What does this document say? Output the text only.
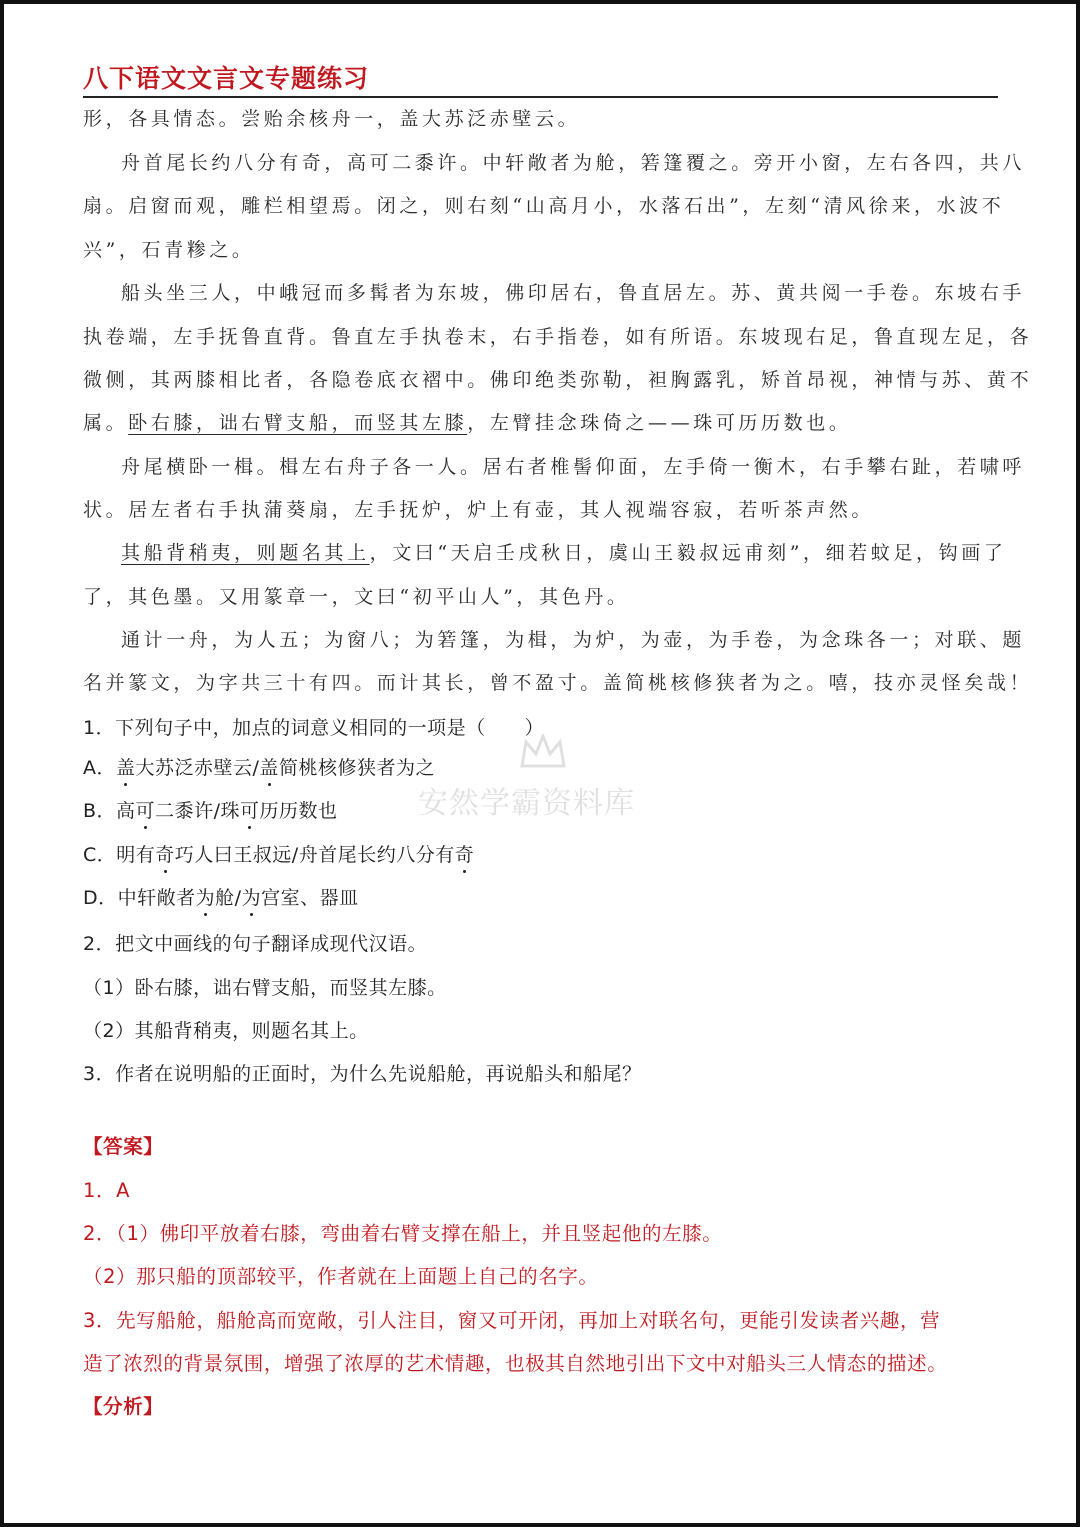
八下语文文言文专题练习
形，各具情态。尝贻余核舟一，盖大苏泛赤壁云。
舟首尾长约八分有奇，高可二黍许。中轩敞者为舱，箬篷覆之。旁开小窗，左右各四，共八
扇。启窗而观，雕栏相望焉。闭之，则右刻“山高月小，水落石出”，左刻“清风徐来，水波不
兴”，石青糁之。
船头坐三人，中峨冠而多髯者为东坡，佛印居右，鲁直居左。苏、黄共阅一手卷。东坡右手
执卷端，左手抚鲁直背。鲁直左手执卷末，右手指卷，如有所语。东坡现右足，鲁直现左足，各
微侧，其两膝相比者，各隐卷底衣褶中。佛印绝类弥勒，袒胸露乳，矫首昂视，神情与苏、黄不
属。卧右膝，诎右臂支船，而竖其左膝，左臂挂念珠倚之——珠可历历数也。
舟尾横卧一楫。楫左右舟子各一人。居右者椎髻仰面，左手倚一衡木，右手攀右趾，若啸呼
状。居左者右手执蒲葵扇，左手抚炉，炉上有壶，其人视端容寂，若听茶声然。
其船背稍夷，则题名其上，文曰“天启壬戌秋日，虞山王毅叔远甫刻”，细若蚊足，钩画了
了，其色墨。又用篆章一，文曰“初平山人”，其色丹。
通计一舟，为人五；为窗八；为箬篷，为楫，为炉，为壶，为手卷，为念珠各一；对联、题
名并篆文，为字共三十有四。而计其长，曾不盈寸。盖简桃核修狭者为之。嘻，技亦灵怪矣哉！
安然学霸资料库
1．下列句子中，加点的词意义相同的一项是（　　）
A．盖大苏泛赤壁云/盖简桃核修狭者为之
B．高可二黍许/珠可历历数也
C．明有奇巧人曰王叔远/舟首尾长约八分有奇
D．中轩敞者为舱/为宫室、器皿
2．把文中画线的句子翻译成现代汉语。
（1）卧右膝，诎右臂支船，而竖其左膝。
（2）其船背稍夷，则题名其上。
3．作者在说明船的正面时，为什么先说船舱，再说船头和船尾？
【答案】
1．A
2．（1）佛印平放着右膝，弯曲着右臂支撑在船上，并且竖起他的左膝。
（2）那只船的顶部较平，作者就在上面题上自己的名字。
3．先写船舱，船舱高而宽敞，引人注目，窗又可开闭，再加上对联名句，更能引发读者兴趣，营
造了浓烈的背景氛围，增强了浓厚的艺术情趣，也极其自然地引出下文中对船头三人情态的描述。
【分析】
